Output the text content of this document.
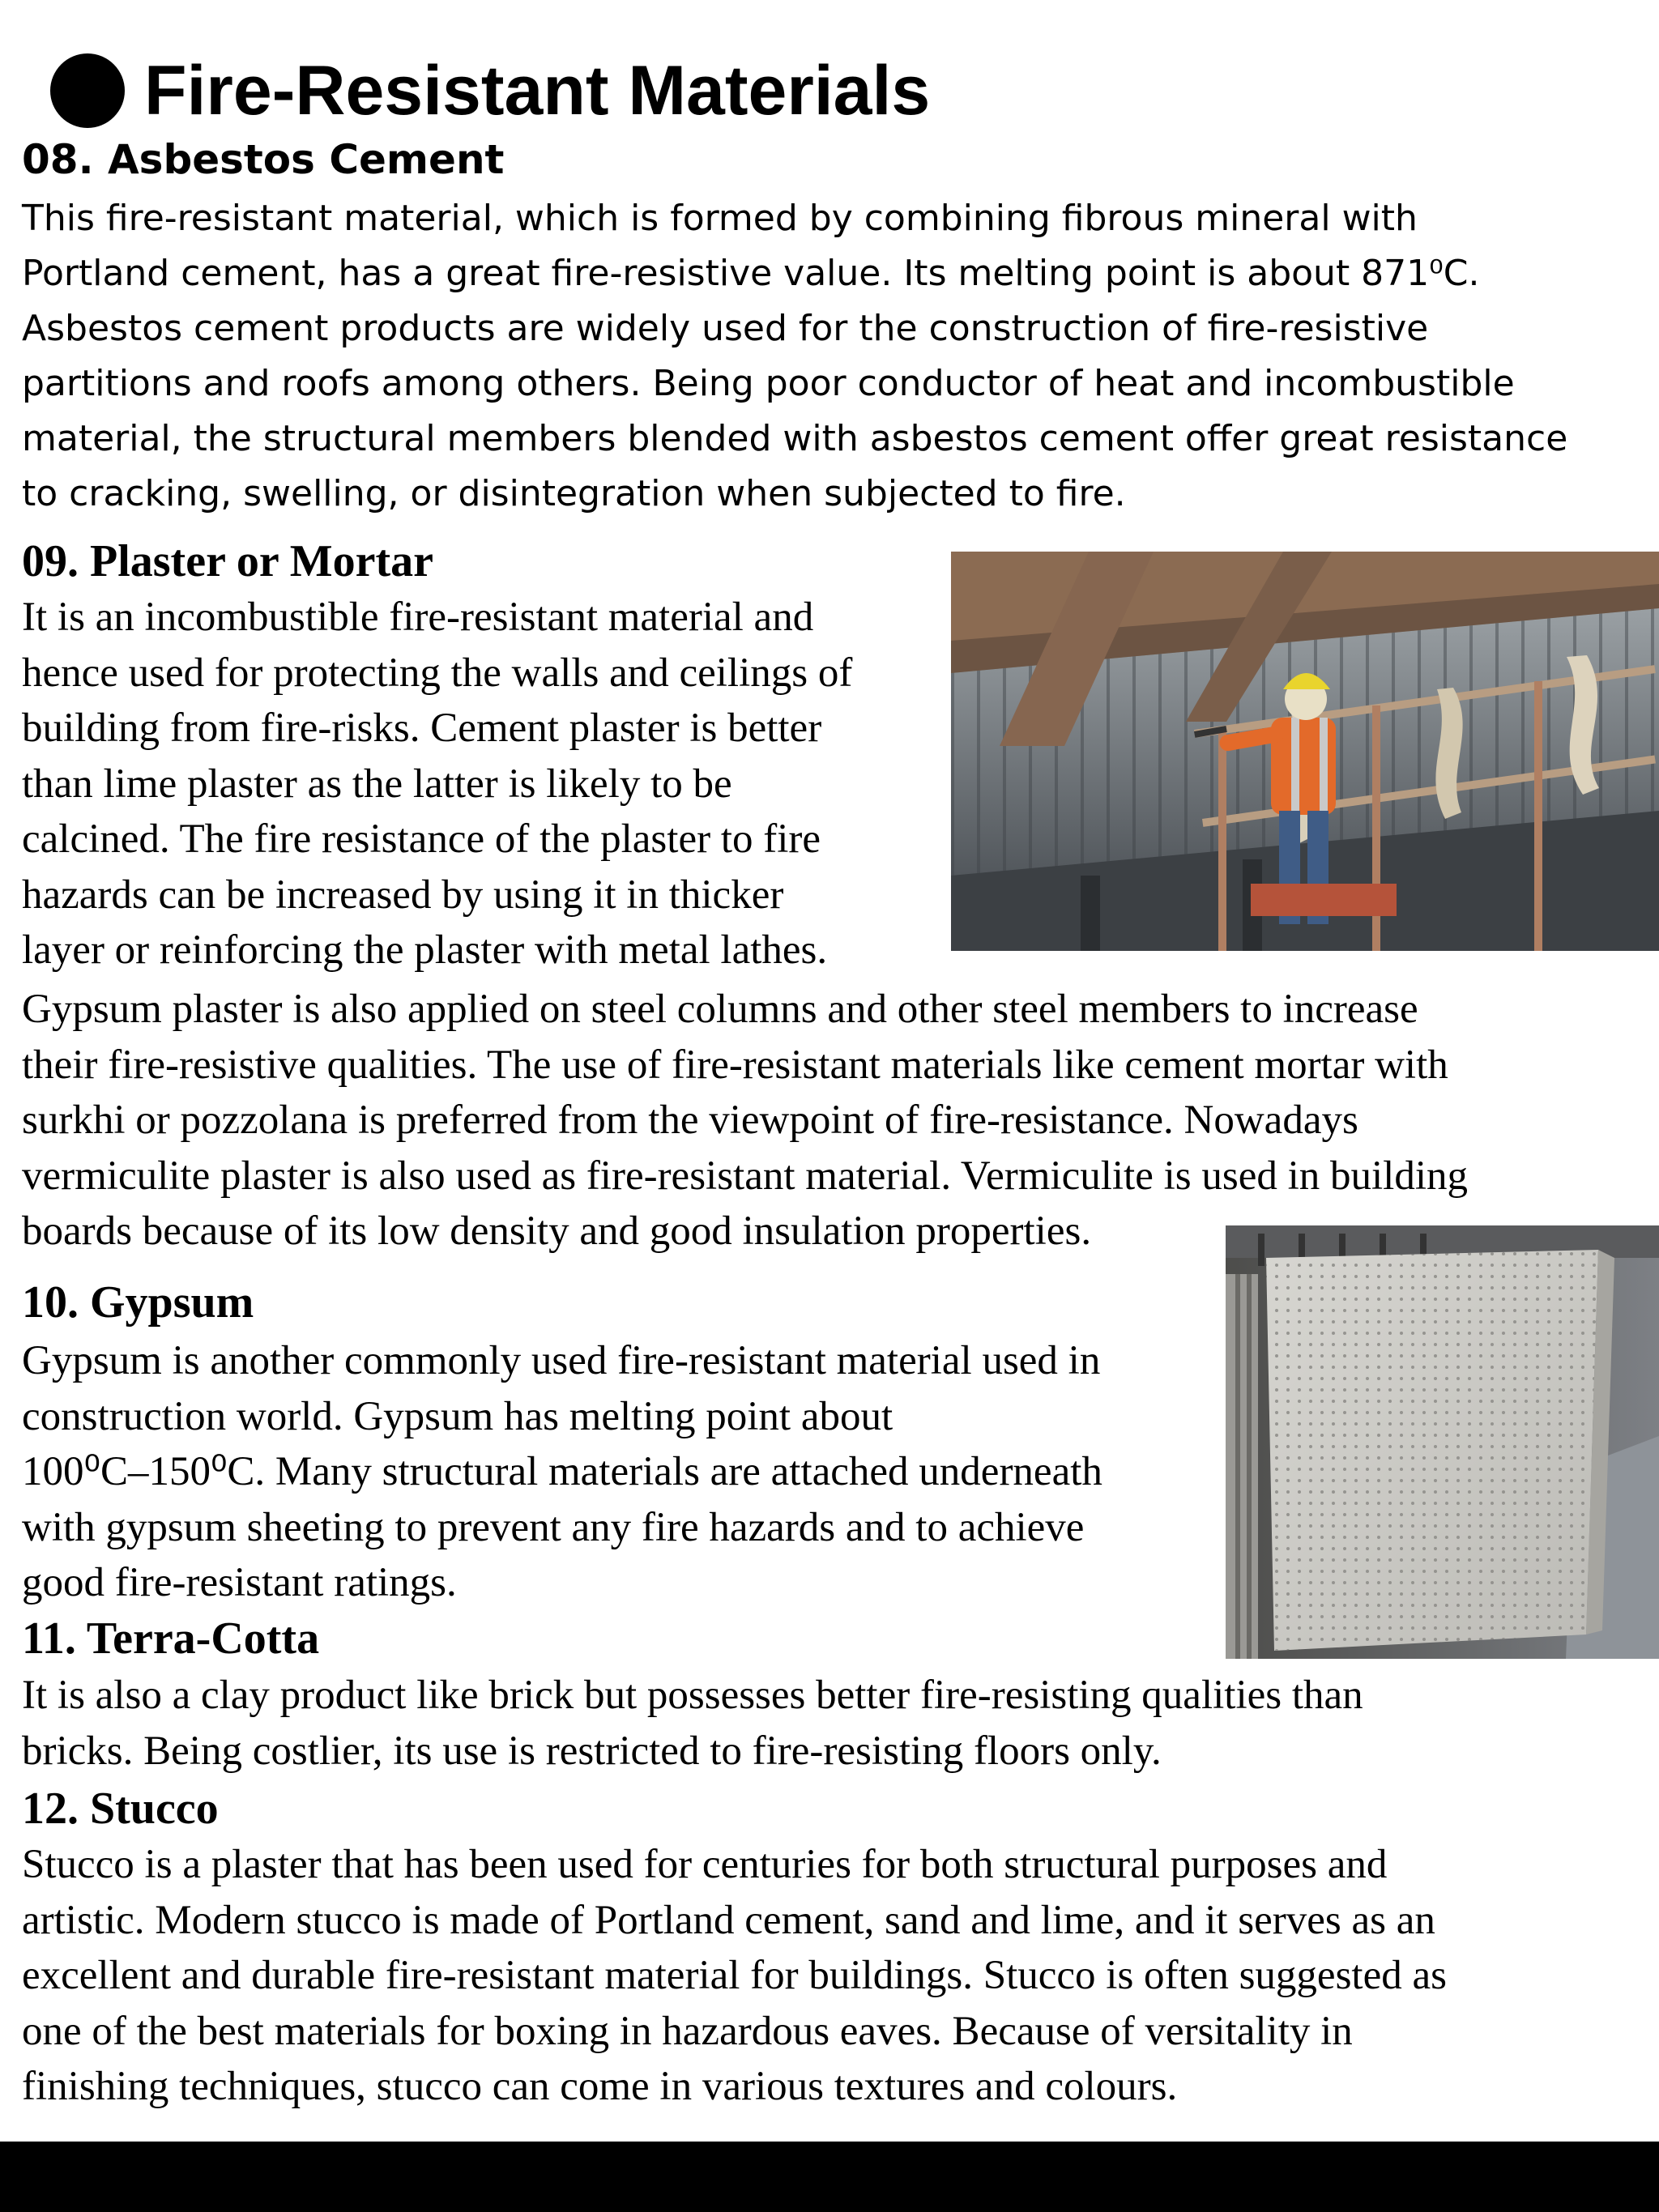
Fire-Resistant Materials
08. Asbestos Cement
This fire-resistant material, which is formed by combining fibrous mineral with
Portland cement, has a great fire-resistive value. Its melting point is about 871⁰C.
Asbestos cement products are widely used for the construction of fire-resistive
partitions and roofs among others. Being poor conductor of heat and incombustible
material, the structural members blended with asbestos cement offer great resistance
to cracking, swelling, or disintegration when subjected to fire.
09. Plaster or Mortar
It is an incombustible fire-resistant material and
hence used for protecting the walls and ceilings of
building from fire-risks. Cement plaster is better
than lime plaster as the latter is likely to be
calcined. The fire resistance of the plaster to fire
hazards can be increased by using it in thicker
layer or reinforcing the plaster with metal lathes.
Gypsum plaster is also applied on steel columns and other steel members to increase
their fire-resistive qualities. The use of fire-resistant materials like cement mortar with
surkhi or pozzolana is preferred from the viewpoint of fire-resistance. Nowadays
vermiculite plaster is also used as fire-resistant material. Vermiculite is used in building
boards because of its low density and good insulation properties.
10. Gypsum
Gypsum is another commonly used fire-resistant material used in
construction world. Gypsum has melting point about
100⁰C–150⁰C. Many structural materials are attached underneath
with gypsum sheeting to prevent any fire hazards and to achieve
good fire-resistant ratings.
11. Terra-Cotta
It is also a clay product like brick but possesses better fire-resisting qualities than
bricks. Being costlier, its use is restricted to fire-resisting floors only.
12. Stucco
Stucco is a plaster that has been used for centuries for both structural purposes and
artistic. Modern stucco is made of Portland cement, sand and lime, and it serves as an
excellent and durable fire-resistant material for buildings. Stucco is often suggested as
one of the best materials for boxing in hazardous eaves. Because of versitality in
finishing techniques, stucco can come in various textures and colours.
